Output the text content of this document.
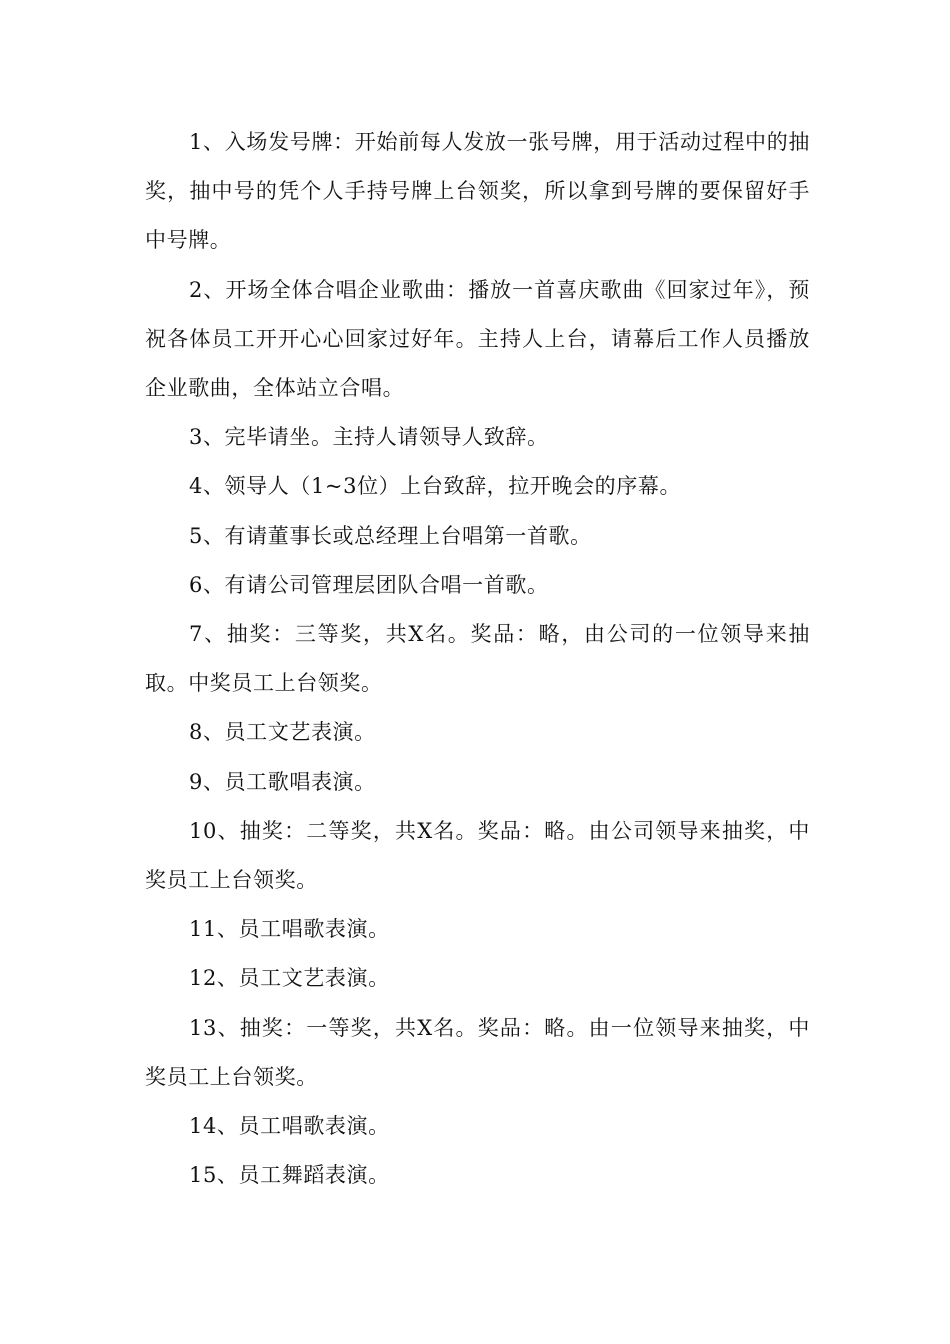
1、入场发号牌：开始前每人发放一张号牌，用于活动过程中的抽奖，抽中号的凭个人手持号牌上台领奖，所以拿到号牌的要保留好手中号牌。

2、开场全体合唱企业歌曲：播放一首喜庆歌曲《回家过年》，预祝各体员工开开心心回家过好年。主持人上台，请幕后工作人员播放企业歌曲，全体站立合唱。

3、完毕请坐。主持人请领导人致辞。

4、领导人（1~3位）上台致辞，拉开晚会的序幕。

5、有请董事长或总经理上台唱第一首歌。

6、有请公司管理层团队合唱一首歌。

7、抽奖：三等奖，共X名。奖品：略，由公司的一位领导来抽取。中奖员工上台领奖。

8、员工文艺表演。

9、员工歌唱表演。

10、抽奖：二等奖，共X名。奖品：略。由公司领导来抽奖，中奖员工上台领奖。

11、员工唱歌表演。

12、员工文艺表演。

13、抽奖：一等奖，共X名。奖品：略。由一位领导来抽奖，中奖员工上台领奖。

14、员工唱歌表演。

15、员工舞蹈表演。
